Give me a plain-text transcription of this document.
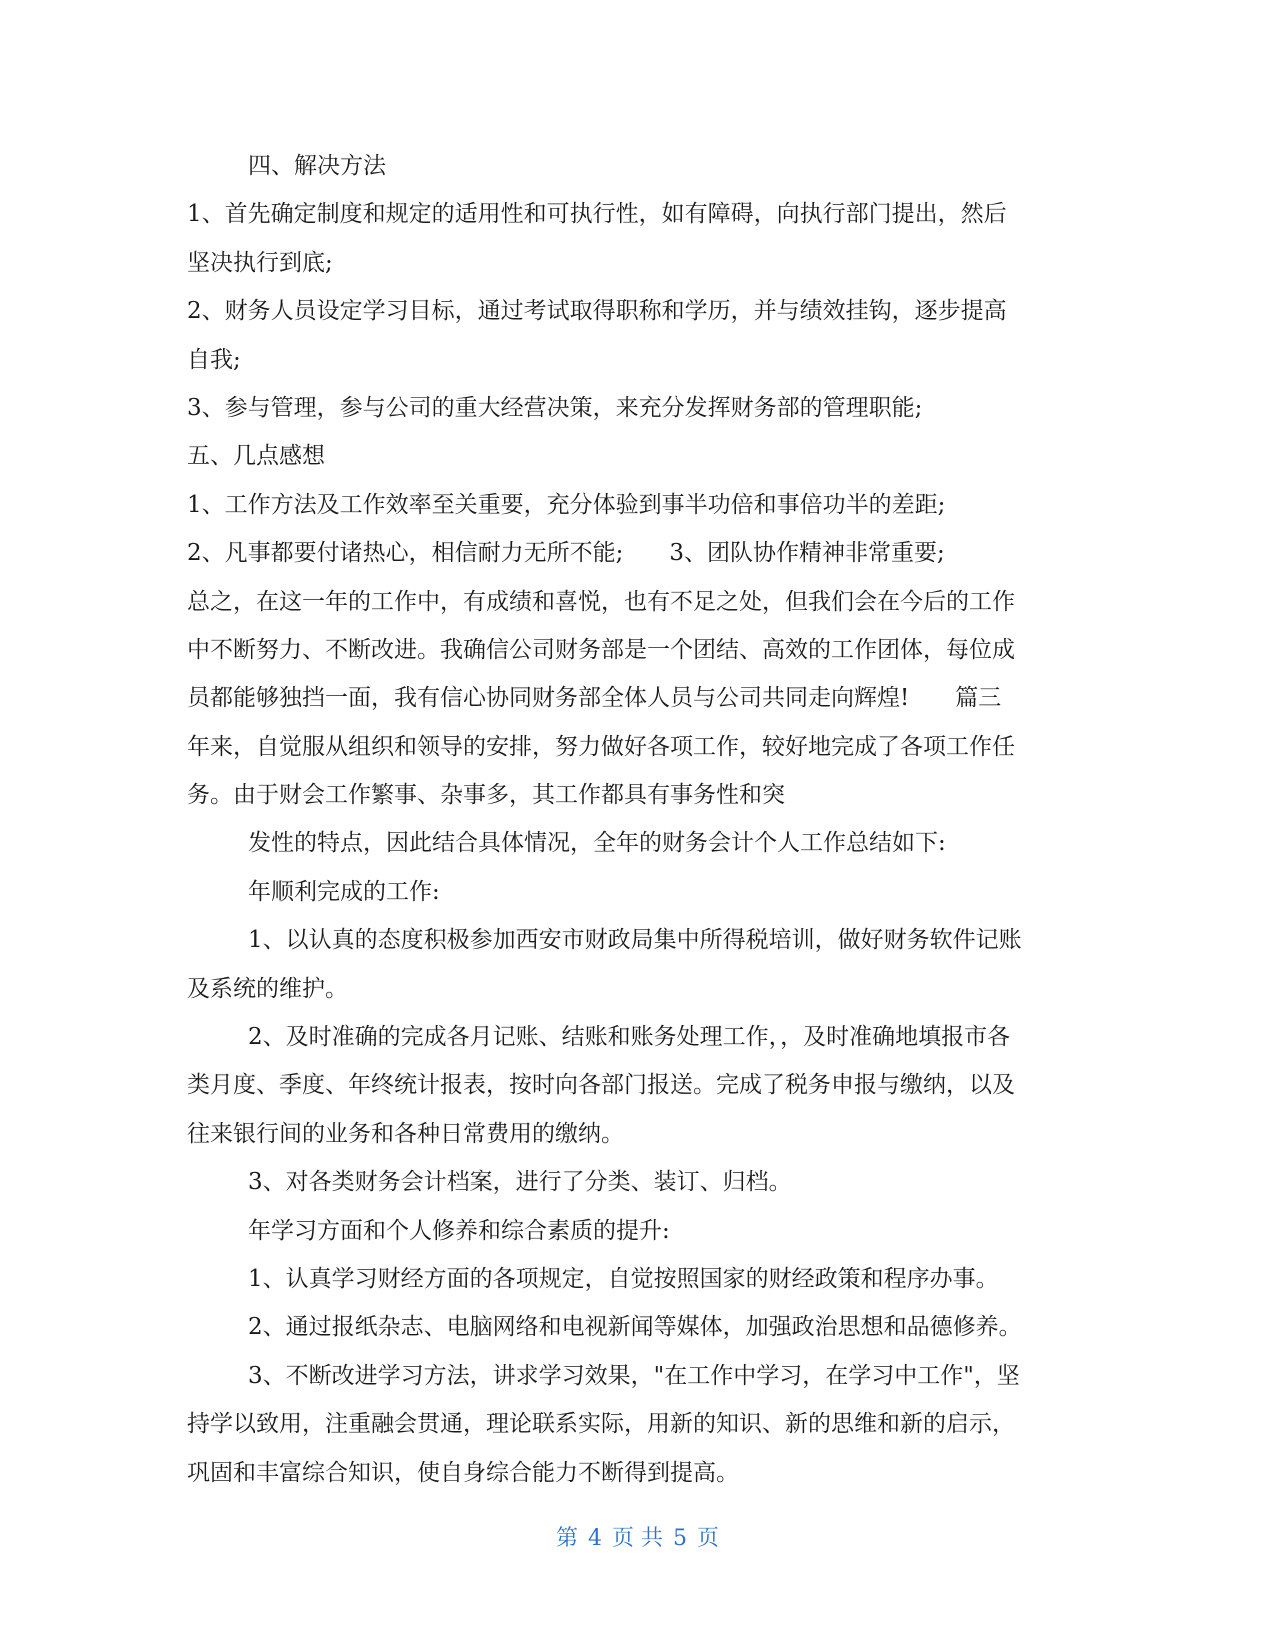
四、解决方法
1、首先确定制度和规定的适用性和可执行性，如有障碍，向执行部门提出，然后
坚决执行到底;
2、财务人员设定学习目标，通过考试取得职称和学历，并与绩效挂钩，逐步提高
自我;
3、参与管理，参与公司的重大经营决策，来充分发挥财务部的管理职能;
五、几点感想
1、工作方法及工作效率至关重要，充分体验到事半功倍和事倍功半的差距;
2、凡事都要付诸热心，相信耐力无所不能;　　3、团队协作精神非常重要;
总之，在这一年的工作中，有成绩和喜悦，也有不足之处，但我们会在今后的工作
中不断努力、不断改进。我确信公司财务部是一个团结、高效的工作团体，每位成
员都能够独挡一面，我有信心协同财务部全体人员与公司共同走向辉煌!　　篇三
年来，自觉服从组织和领导的安排，努力做好各项工作，较好地完成了各项工作任
务。由于财会工作繁事、杂事多，其工作都具有事务性和突
发性的特点，因此结合具体情况，全年的财务会计个人工作总结如下:
年顺利完成的工作:
1、以认真的态度积极参加西安市财政局集中所得税培训，做好财务软件记账
及系统的维护。
2、及时准确的完成各月记账、结账和账务处理工作，，及时准确地填报市各
类月度、季度、年终统计报表，按时向各部门报送。完成了税务申报与缴纳，以及
往来银行间的业务和各种日常费用的缴纳。
3、对各类财务会计档案，进行了分类、装订、归档。
年学习方面和个人修养和综合素质的提升:
1、认真学习财经方面的各项规定，自觉按照国家的财经政策和程序办事。
2、通过报纸杂志、电脑网络和电视新闻等媒体，加强政治思想和品德修养。
3、不断改进学习方法，讲求学习效果，"在工作中学习，在学习中工作"，坚
持学以致用，注重融会贯通，理论联系实际，用新的知识、新的思维和新的启示，
巩固和丰富综合知识，使自身综合能力不断得到提高。
第 4 页 共 5 页
